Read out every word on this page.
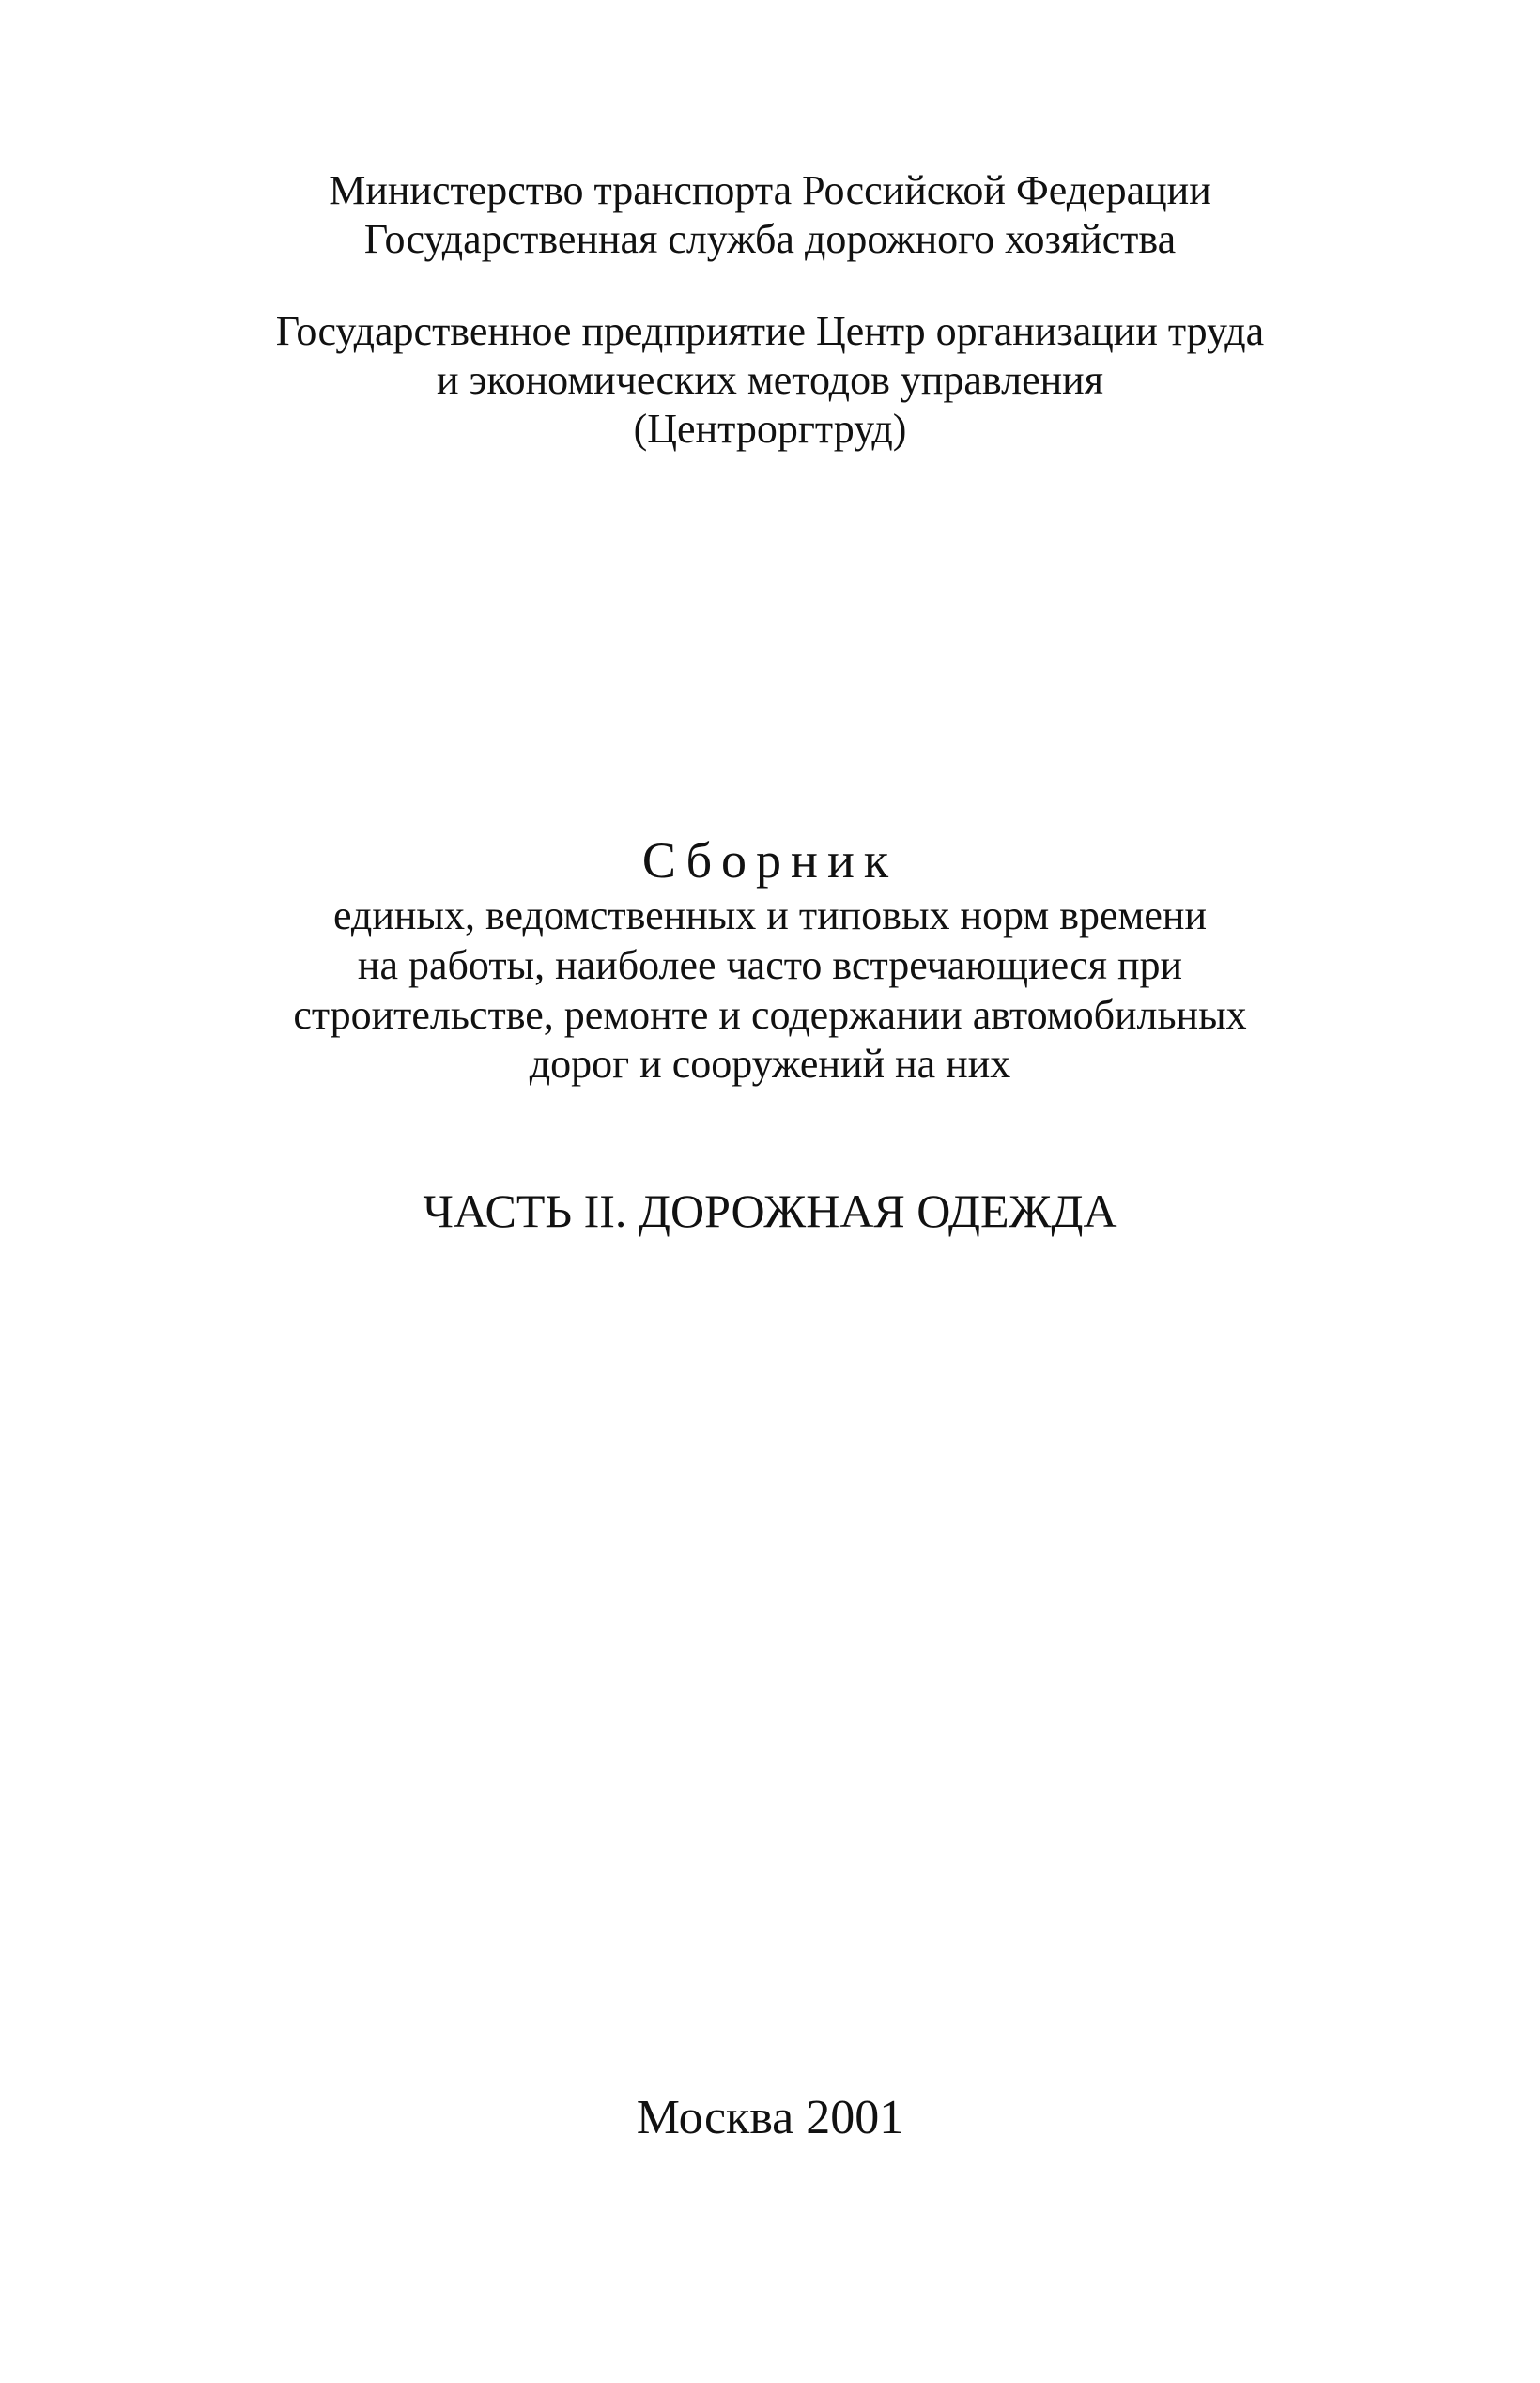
Министерство транспорта Российской Федерации
Государственная служба дорожного хозяйства
Государственное предприятие Центр организации труда
и экономических методов управления
(Центроргтруд)
Сборник
единых, ведомственных и типовых норм времени
на работы, наиболее часто встречающиеся при
строительстве, ремонте и содержании автомобильных
дорог и сооружений на них
ЧАСТЬ II. ДОРОЖНАЯ ОДЕЖДА
Москва 2001
